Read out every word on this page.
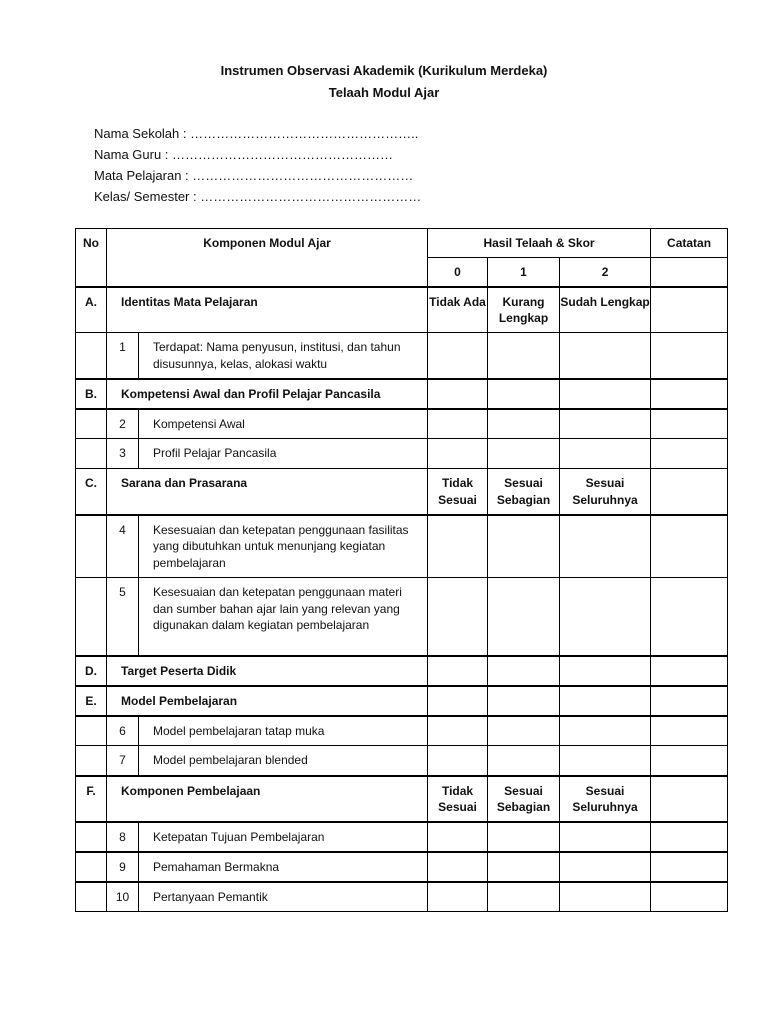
Instrumen Observasi Akademik (Kurikulum Merdeka)
Telaah Modul Ajar
Nama Sekolah : ……………………………………………..
Nama Guru : ……………………………………………
Mata Pelajaran : ……………………………………………
Kelas/ Semester : ……………………………………………
No	Komponen Modul Ajar		Hasil Telaah & Skor			Catatan
			0	1	2	
A.	Identitas Mata Pelajaran		Tidak Ada	Kurang Lengkap	Sudah Lengkap	
	1	Terdapat: Nama penyusun, institusi, dan tahun disusunnya, kelas, alokasi waktu				
B.	Kompetensi Awal dan Profil Pelajar Pancasila					
	2	Kompetensi Awal				
	3	Profil Pelajar Pancasila				
C.	Sarana dan Prasarana		Tidak Sesuai	Sesuai Sebagian	Sesuai Seluruhnya	
	4	Kesesuaian dan ketepatan penggunaan fasilitas yang dibutuhkan untuk menunjang kegiatan pembelajaran				
	5	Kesesuaian dan ketepatan penggunaan materi dan sumber bahan ajar lain yang relevan yang digunakan dalam kegiatan pembelajaran				
D.	Target Peserta Didik					
E.	Model Pembelajaran					
	6	Model pembelajaran tatap muka				
	7	Model pembelajaran blended				
F.	Komponen Pembelajaan		Tidak Sesuai	Sesuai Sebagian	Sesuai Seluruhnya	
	8	Ketepatan Tujuan Pembelajaran				
	9	Pemahaman Bermakna				
	10	Pertanyaan Pemantik				
